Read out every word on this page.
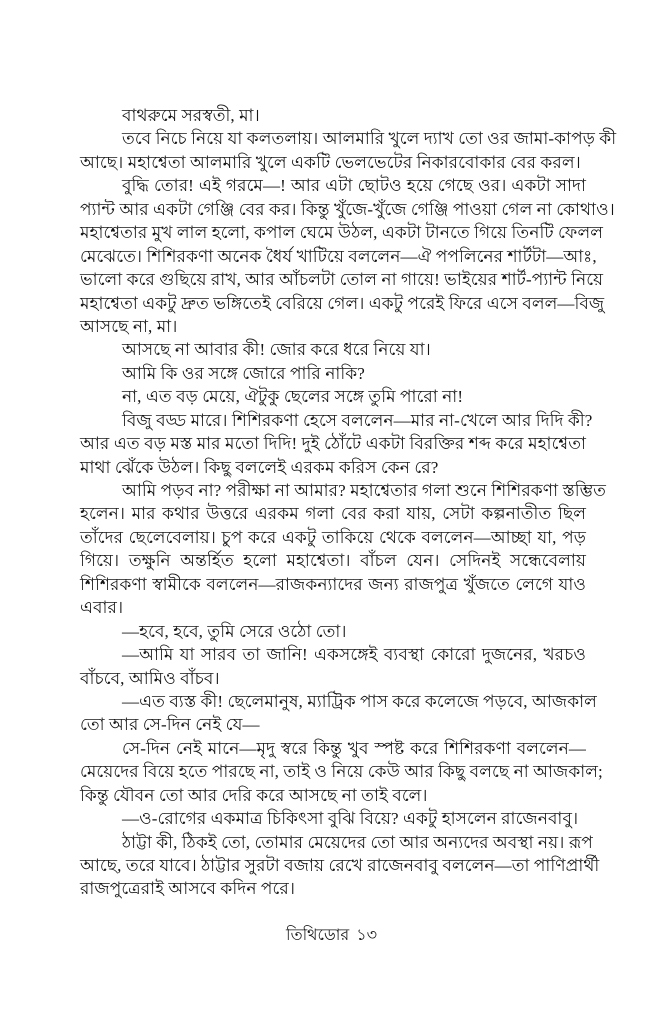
বাথরুমে সরস্বতী, মা।
তবে নিচে নিয়ে যা কলতলায়। আলমারি খুলে দ্যাখ তো ওর জামা-কাপড় কী
আছে। মহাশ্বেতা আলমারি খুলে একটি ভেলভেটের নিকারবোকার বের করল।
বুদ্ধি তোর! এই গরমে—! আর এটা ছোটও হয়ে গেছে ওর। একটা সাদা
প্যান্ট আর একটা গেঞ্জি বের কর। কিন্তু খুঁজে-খুঁজে গেঞ্জি পাওয়া গেল না কোথাও।
মহাশ্বেতার মুখ লাল হলো, কপাল ঘেমে উঠল, একটা টানতে গিয়ে তিনটি ফেলল
মেঝেতে। শিশিরকণা অনেক ধৈর্য খাটিয়ে বললেন—ঐ পপলিনের শার্টটা—আঃ,
ভালো করে গুছিয়ে রাখ, আর আঁচলটা তোল না গায়ে! ভাইয়ের শার্ট-প্যান্ট নিয়ে
মহাশ্বেতা একটু দ্রুত ভঙ্গিতেই বেরিয়ে গেল। একটু পরেই ফিরে এসে বলল—বিজু
আসছে না, মা।
আসছে না আবার কী! জোর করে ধরে নিয়ে যা।
আমি কি ওর সঙ্গে জোরে পারি নাকি?
না, এত বড় মেয়ে, ঐটুকু ছেলের সঙ্গে তুমি পারো না!
বিজু বড্ড মারে। শিশিরকণা হেসে বললেন—মার না-খেলে আর দিদি কী?
আর এত বড় মস্ত মার মতো দিদি! দুই ঠোঁটে একটা বিরক্তির শব্দ করে মহাশ্বেতা
মাথা ঝেঁকে উঠল। কিছু বললেই এরকম করিস কেন রে?
আমি পড়ব না? পরীক্ষা না আমার? মহাশ্বেতার গলা শুনে শিশিরকণা স্তম্ভিত
হলেন। মার কথার উত্তরে এরকম গলা বের করা যায়, সেটা কল্পনাতীত ছিল
তাঁদের ছেলেবেলায়। চুপ করে একটু তাকিয়ে থেকে বললেন—আচ্ছা যা, পড়
গিয়ে। তক্ষুনি অন্তর্হিত হলো মহাশ্বেতা। বাঁচল যেন। সেদিনই সন্ধেবেলায়
শিশিরকণা স্বামীকে বললেন—রাজকন্যাদের জন্য রাজপুত্র খুঁজতে লেগে যাও
এবার।
—হবে, হবে, তুমি সেরে ওঠো তো।
—আমি যা সারব তা জানি! একসঙ্গেই ব্যবস্থা কোরো দুজনের, খরচও
বাঁচবে, আমিও বাঁচব।
—এত ব্যস্ত কী! ছেলেমানুষ, ম্যাট্রিক পাস করে কলেজে পড়বে, আজকাল
তো আর সে-দিন নেই যে—
সে-দিন নেই মানে—মৃদু স্বরে কিন্তু খুব স্পষ্ট করে শিশিরকণা বললেন—
মেয়েদের বিয়ে হতে পারছে না, তাই ও নিয়ে কেউ আর কিছু বলছে না আজকাল;
কিন্তু যৌবন তো আর দেরি করে আসছে না তাই বলে।
—ও-রোগের একমাত্র চিকিৎসা বুঝি বিয়ে? একটু হাসলেন রাজেনবাবু।
ঠাট্টা কী, ঠিকই তো, তোমার মেয়েদের তো আর অন্যদের অবস্থা নয়। রূপ
আছে, তরে যাবে। ঠাট্টার সুরটা বজায় রেখে রাজেনবাবু বললেন—তা পাণিপ্রার্থী
রাজপুত্রেরাই আসবে কদিন পরে।
তিথিডোর ১৩
